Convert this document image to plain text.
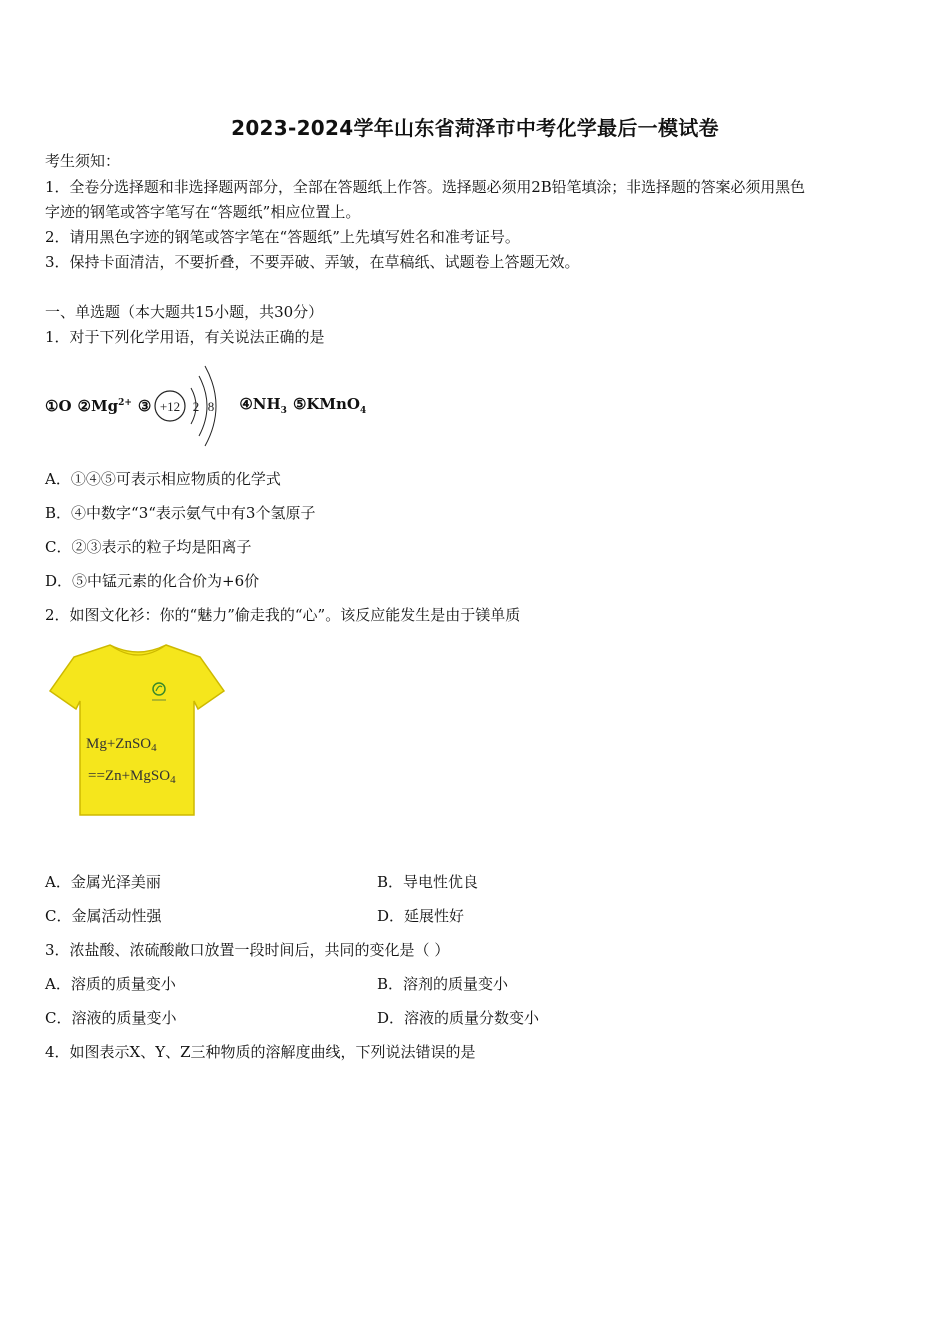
2023-2024学年山东省菏泽市中考化学最后一模试卷
考生须知：
1．全卷分选择题和非选择题两部分，全部在答题纸上作答。选择题必须用2B铅笔填涂；非选择题的答案必须用黑色
字迹的钢笔或答字笔写在“答题纸”相应位置上。
2．请用黑色字迹的钢笔或答字笔在“答题纸”上先填写姓名和准考证号。
3．保持卡面清洁，不要折叠，不要弄破、弄皱，在草稿纸、试题卷上答题无效。
一、单选题（本大题共15小题，共30分）
1．对于下列化学用语，有关说法正确的是
①O $②Mg^{2+}$ ③ +12 2 8 $④NH_3$ ⑤KMnO$_4$
A．①④⑤可表示相应物质的化学式
B．④中数字“3“表示氨气中有3个氢原子
C．②③表示的粒子均是阳离子
D．⑤中锰元素的化合价为+6价
2．如图文化衫：你的“魅力”偷走我的“心”。该反应能发生是由于镁单质
Mg+ZnSO$_4$
==Zn+MgSO$_4$
A．金属光泽美丽	B．导电性优良
C．金属活动性强	D．延展性好
3．浓盐酸、浓硫酸敞口放置一段时间后，共同的变化是（ ）
A．溶质的质量变小	B．溶剂的质量变小
C．溶液的质量变小	D．溶液的质量分数变小
4．如图表示X、Y、Z三种物质的溶解度曲线，下列说法错误的是
